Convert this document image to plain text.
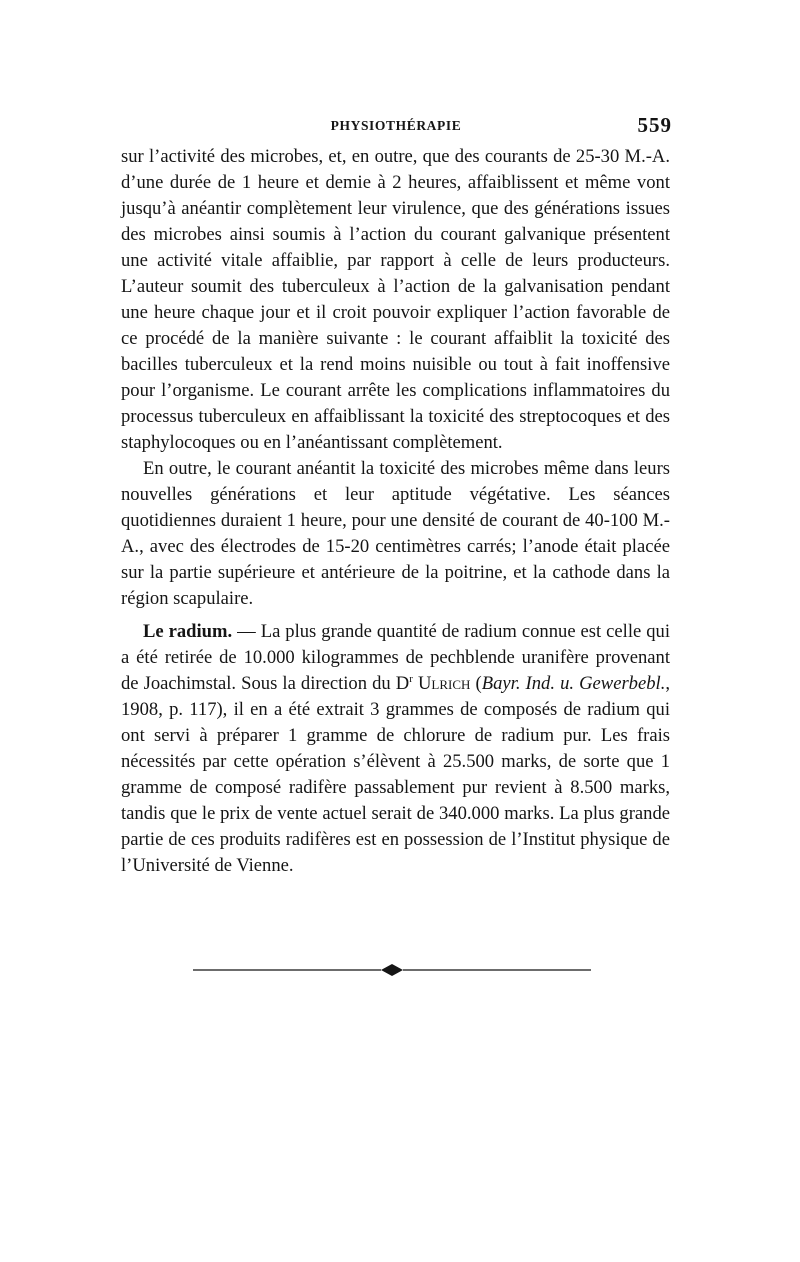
PHYSIOTHÉRAPIE	559

sur l’activité des microbes, et, en outre, que des courants de 25-30 M.-A. d’une durée de 1 heure et demie à 2 heures, affaiblissent et même vont jusqu’à anéantir complètement leur virulence, que des générations issues des microbes ainsi soumis à l’action du courant galvanique présentent une activité vitale affaiblie, par rapport à celle de leurs producteurs. L’auteur soumit des tuberculeux à l’action de la galvanisation pendant une heure chaque jour et il croit pouvoir expliquer l’action favorable de ce procédé de la manière suivante : le courant affaiblit la toxicité des bacilles tuberculeux et la rend moins nuisible ou tout à fait inoffensive pour l’organisme. Le courant arrête les complications inflammatoires du processus tuberculeux en affaiblissant la toxicité des streptocoques et des staphylocoques ou en l’anéantissant complètement.

En outre, le courant anéantit la toxicité des microbes même dans leurs nouvelles générations et leur aptitude végétative. Les séances quotidiennes duraient 1 heure, pour une densité de courant de 40-100 M.-A., avec des électrodes de 15-20 centimètres carrés; l’anode était placée sur la partie supérieure et antérieure de la poitrine, et la cathode dans la région scapulaire.

Le radium. — La plus grande quantité de radium connue est celle qui a été retirée de 10.000 kilogrammes de pechblende uranifère provenant de Joachimstal. Sous la direction du $D^r$ Ulrich (Bayr. Ind. u. Gewerbebl., 1908, p. 117), il en a été extrait 3 grammes de composés de radium qui ont servi à préparer 1 gramme de chlorure de radium pur. Les frais nécessités par cette opération s’élèvent à 25.500 marks, de sorte que 1 gramme de composé radifère passablement pur revient à 8.500 marks, tandis que le prix de vente actuel serait de 340.000 marks. La plus grande partie de ces produits radifères est en possession de l’Institut physique de l’Université de Vienne.
